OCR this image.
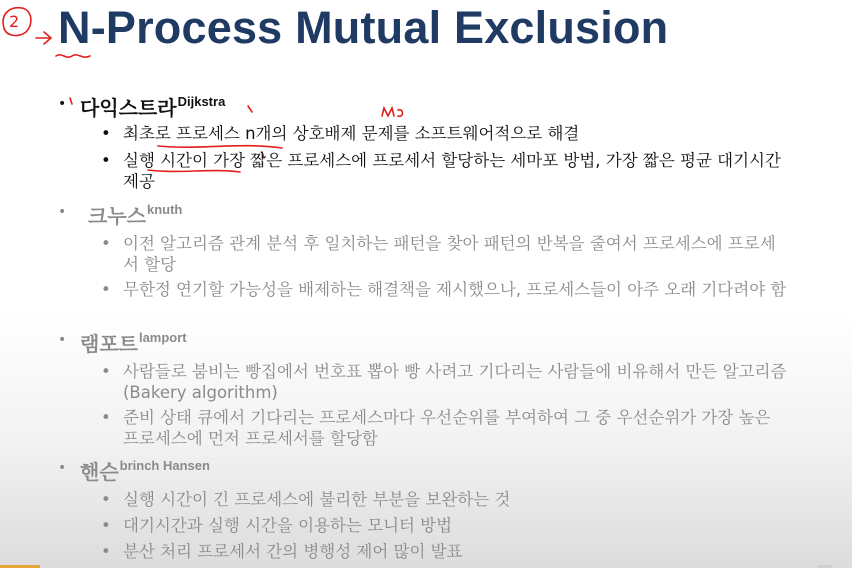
2 N-Process Mutual Exclusion
• 다익스트라$^{Dijkstra}$
• 최초로 프로세스 n개의 상호배제 문제를 소프트웨어적으로 해결
• 실행 시간이 가장 짧은 프로세스에 프로세서 할당하는 세마포 방법, 가장 짧은 평균 대기시간 제공
• 크누스$^{knuth}$
• 이전 알고리즘 관계 분석 후 일치하는 패턴을 찾아 패턴의 반복을 줄여서 프로세스에 프로세서 할당
• 무한정 연기할 가능성을 배제하는 해결책을 제시했으나, 프로세스들이 아주 오래 기다려야 함
• 램포트$^{lamport}$
• 사람들로 붐비는 빵집에서 번호표 뽑아 빵 사려고 기다리는 사람들에 비유해서 만든 알고리즘 (Bakery algorithm)
• 준비 상태 큐에서 기다리는 프로세스마다 우선순위를 부여하여 그 중 우선순위가 가장 높은 프로세스에 먼저 프로세서를 할당함
• 핸슨$^{brinch Hansen}$
• 실행 시간이 긴 프로세스에 불리한 부분을 보완하는 것
• 대기시간과 실행 시간을 이용하는 모니터 방법
• 분산 처리 프로세서 간의 병행성 제어 많이 발표
